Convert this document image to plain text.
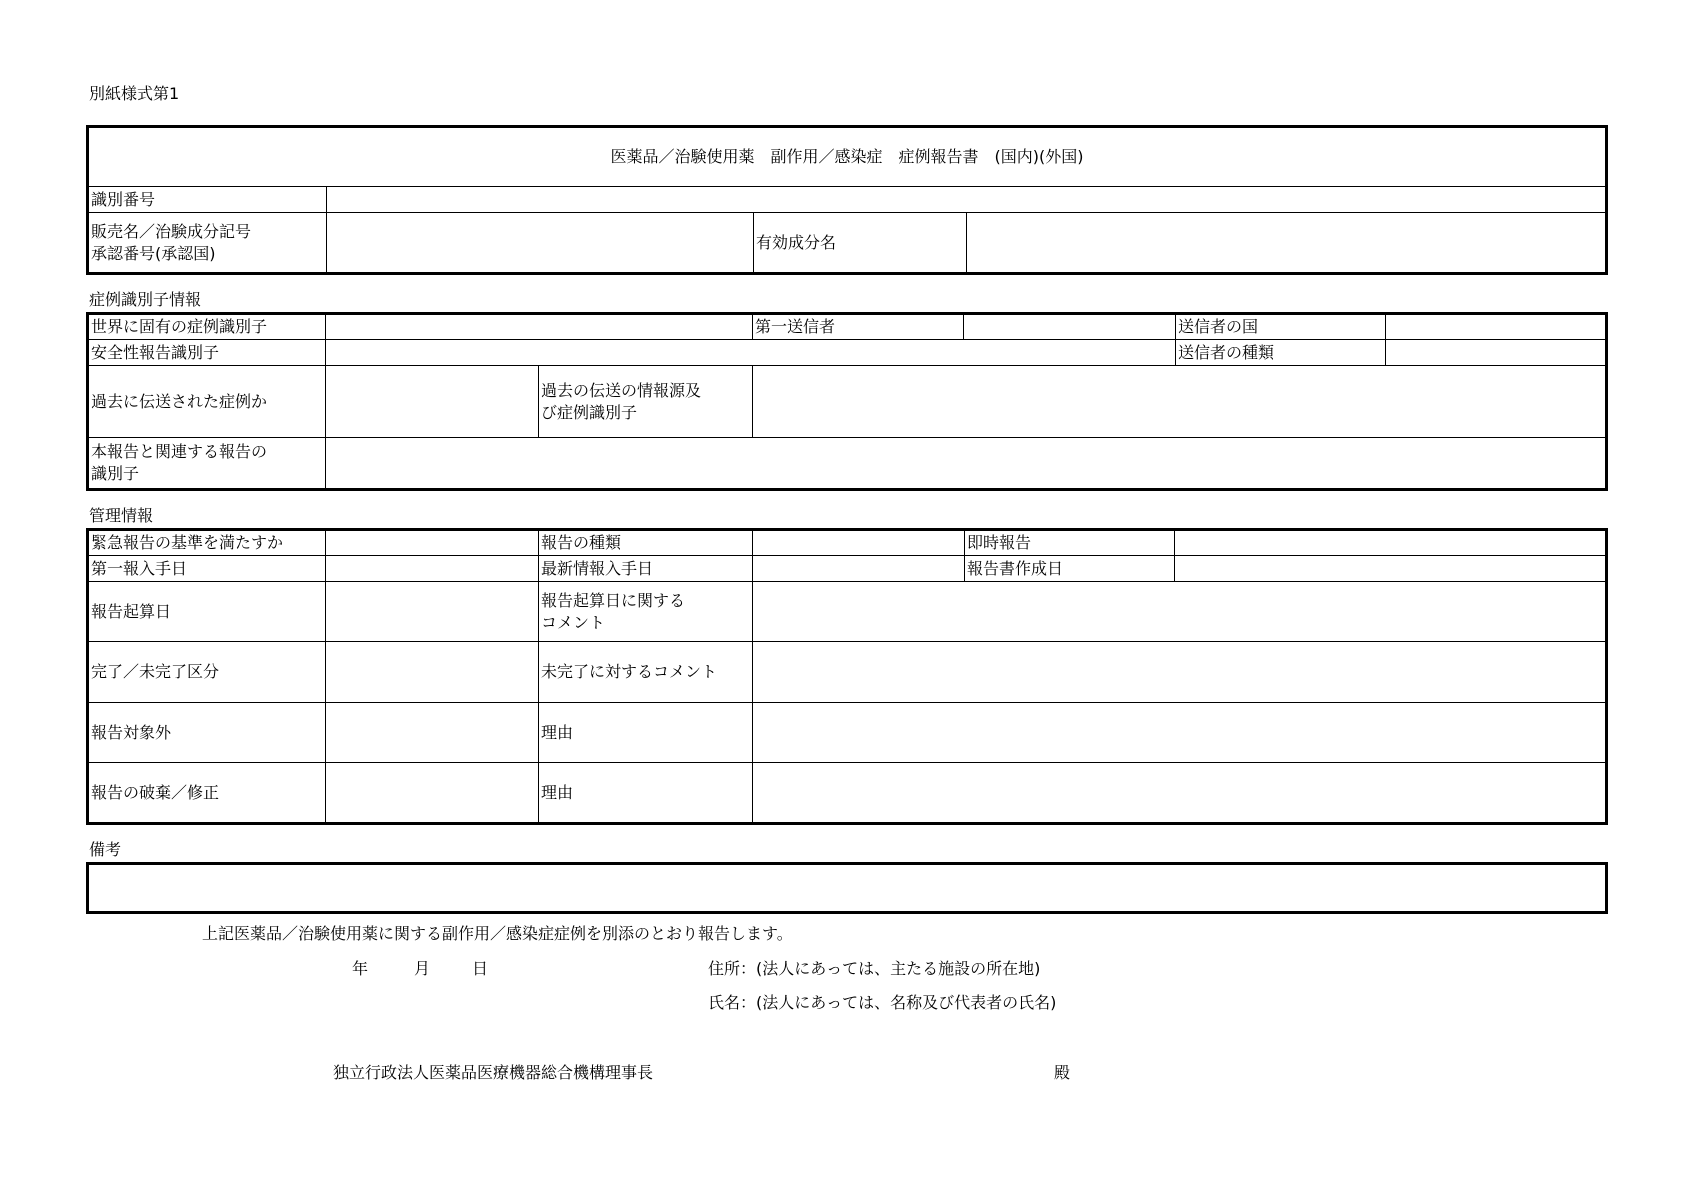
別紙様式第1
医薬品／治験使用薬　副作用／感染症　症例報告書　(国内)(外国)			
識別番号			
販売名／治験成分記号
承認番号(承認国)		有効成分名	
症例識別子情報
世界に固有の症例識別子			第一送信者		送信者の国	
安全性報告識別子					送信者の種類	
過去に伝送された症例か		過去の伝送の情報源及
び症例識別子				
本報告と関連する報告の
識別子						
管理情報
緊急報告の基準を満たすか		報告の種類		即時報告	
第一報入手日		最新情報入手日		報告書作成日	
報告起算日		報告起算日に関する
コメント			
完了／未完了区分		未完了に対するコメント			
報告対象外		理由			
報告の破棄／修正		理由			
備考
上記医薬品／治験使用薬に関する副作用／感染症症例を別添のとおり報告します。
年	月	日	住所：(法人にあっては、主たる施設の所在地)
氏名：(法人にあっては、名称及び代表者の氏名)
独立行政法人医薬品医療機器総合機構理事長	殿
